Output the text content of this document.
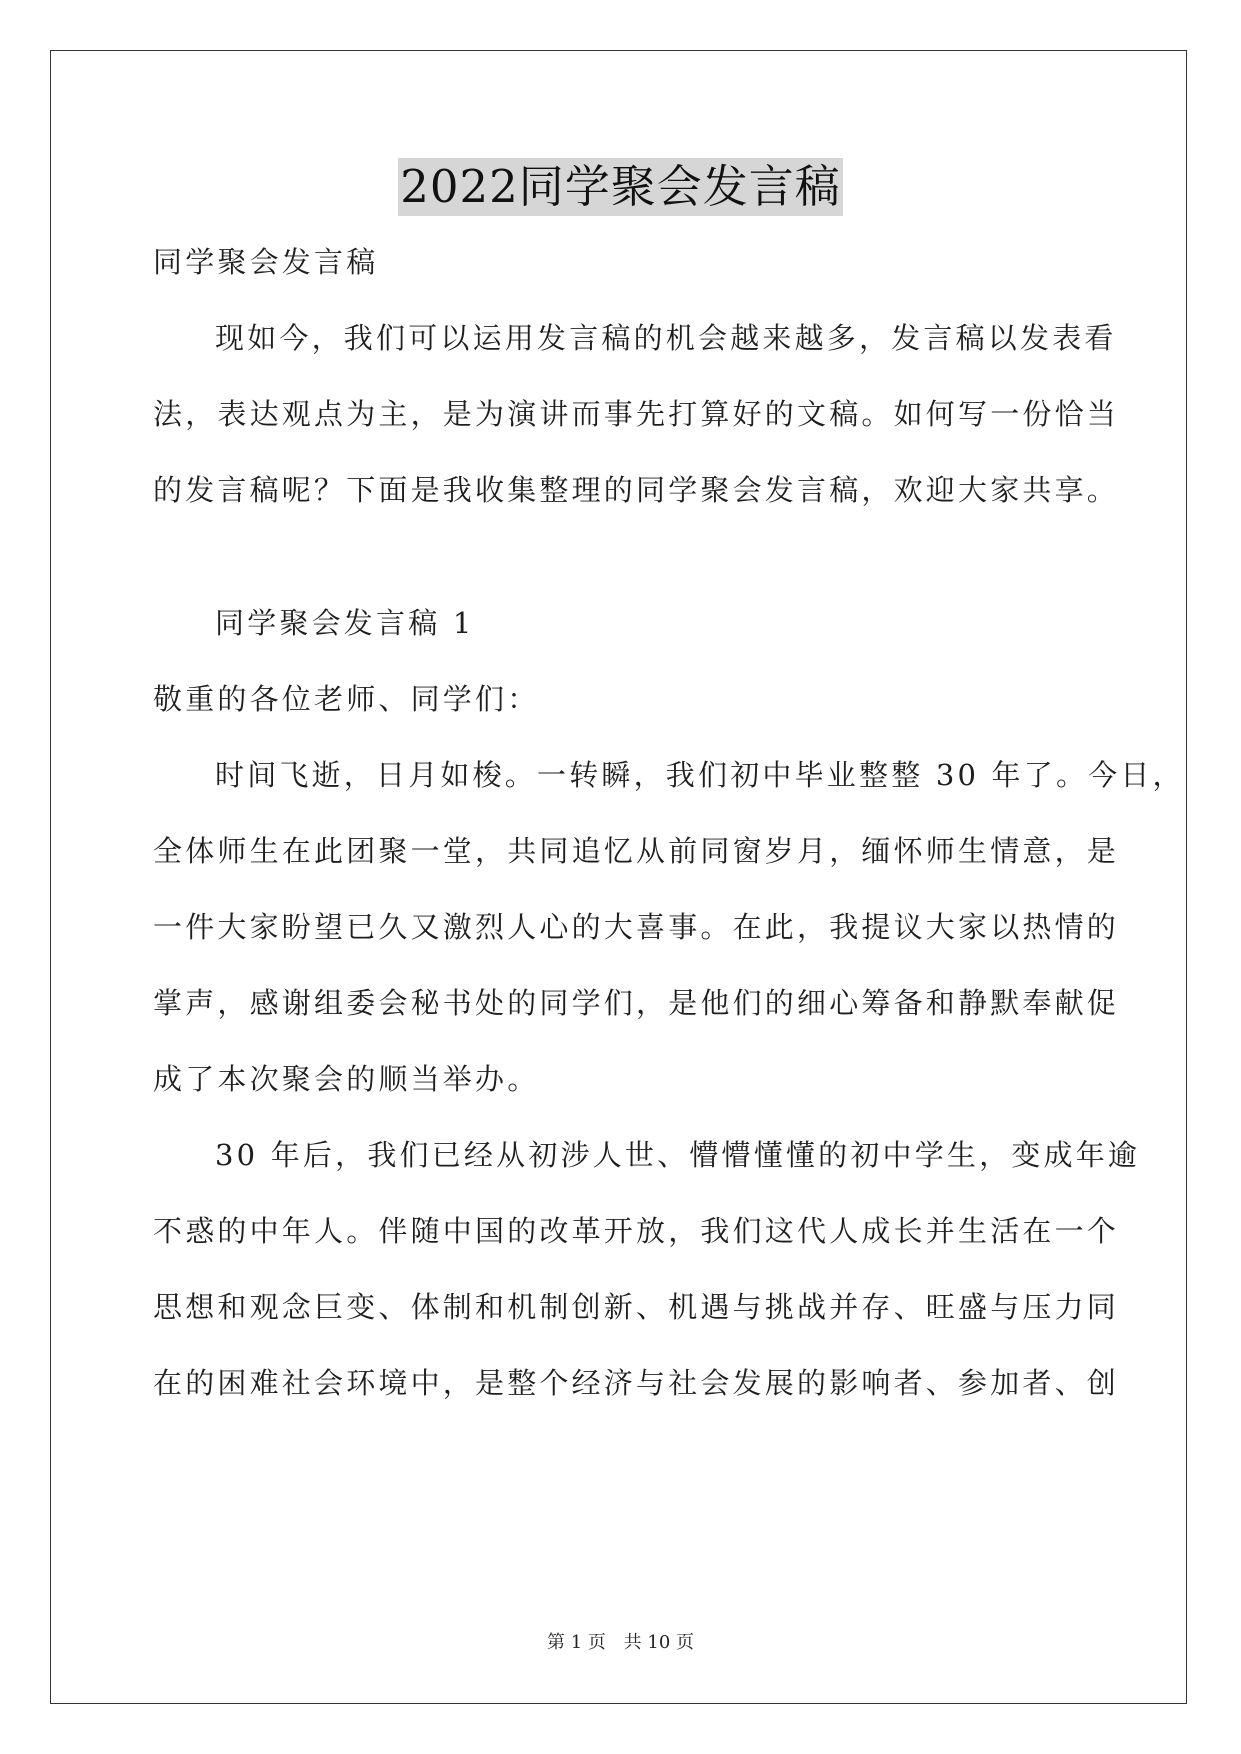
2022同学聚会发言稿
同学聚会发言稿
现如今，我们可以运用发言稿的机会越来越多，发言稿以发表看
法，表达观点为主，是为演讲而事先打算好的文稿。如何写一份恰当
的发言稿呢？下面是我收集整理的同学聚会发言稿，欢迎大家共享。
同学聚会发言稿 1
敬重的各位老师、同学们：
时间飞逝，日月如梭。一转瞬，我们初中毕业整整 30 年了。今日，
全体师生在此团聚一堂，共同追忆从前同窗岁月，缅怀师生情意，是
一件大家盼望已久又激烈人心的大喜事。在此，我提议大家以热情的
掌声，感谢组委会秘书处的同学们，是他们的细心筹备和静默奉献促
成了本次聚会的顺当举办。
30 年后，我们已经从初涉人世、懵懵懂懂的初中学生，变成年逾
不惑的中年人。伴随中国的改革开放，我们这代人成长并生活在一个
思想和观念巨变、体制和机制创新、机遇与挑战并存、旺盛与压力同
在的困难社会环境中，是整个经济与社会发展的影响者、参加者、创
第 1 页 共 10 页
